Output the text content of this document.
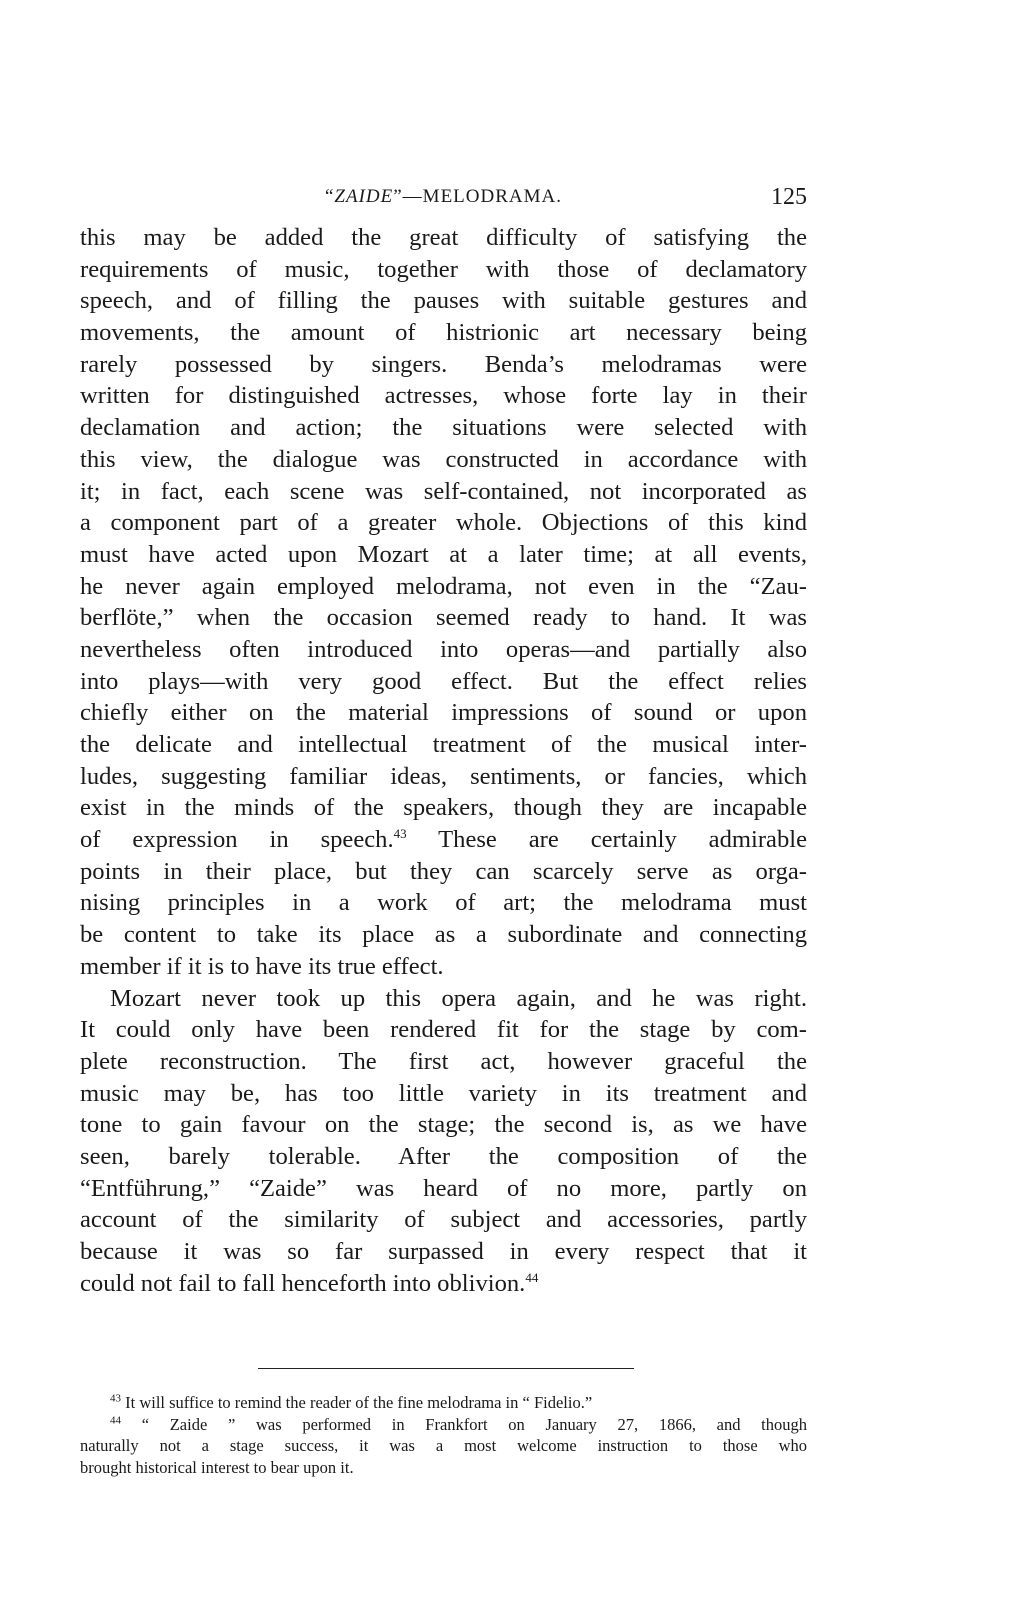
“ZAIDE”—MELODRAMA.	125
this may be added the great difficulty of satisfying the
requirements of music, together with those of declamatory
speech, and of filling the pauses with suitable gestures and
movements, the amount of histrionic art necessary being
rarely possessed by singers. Benda’s melodramas were
written for distinguished actresses, whose forte lay in their
declamation and action; the situations were selected with
this view, the dialogue was constructed in accordance with
it; in fact, each scene was self-contained, not incorporated as
a component part of a greater whole. Objections of this kind
must have acted upon Mozart at a later time; at all events,
he never again employed melodrama, not even in the “Zau-
berflöte,” when the occasion seemed ready to hand. It was
nevertheless often introduced into operas—and partially also
into plays—with very good effect. But the effect relies
chiefly either on the material impressions of sound or upon
the delicate and intellectual treatment of the musical inter-
ludes, suggesting familiar ideas, sentiments, or fancies, which
exist in the minds of the speakers, though they are incapable
of expression in speech.$^{43}$ These are certainly admirable
points in their place, but they can scarcely serve as orga-
nising principles in a work of art; the melodrama must
be content to take its place as a subordinate and connecting
member if it is to have its true effect.
Mozart never took up this opera again, and he was right.
It could only have been rendered fit for the stage by com-
plete reconstruction. The first act, however graceful the
music may be, has too little variety in its treatment and
tone to gain favour on the stage; the second is, as we have
seen, barely tolerable. After the composition of the
“Entführung,” “Zaide” was heard of no more, partly on
account of the similarity of subject and accessories, partly
because it was so far surpassed in every respect that it
could not fail to fall henceforth into oblivion.$^{44}$
$^{43}$ It will suffice to remind the reader of the fine melodrama in “ Fidelio.”
$^{44}$ “ Zaide ” was performed in Frankfort on January 27, 1866, and though
naturally not a stage success, it was a most welcome instruction to those who
brought historical interest to bear upon it.
